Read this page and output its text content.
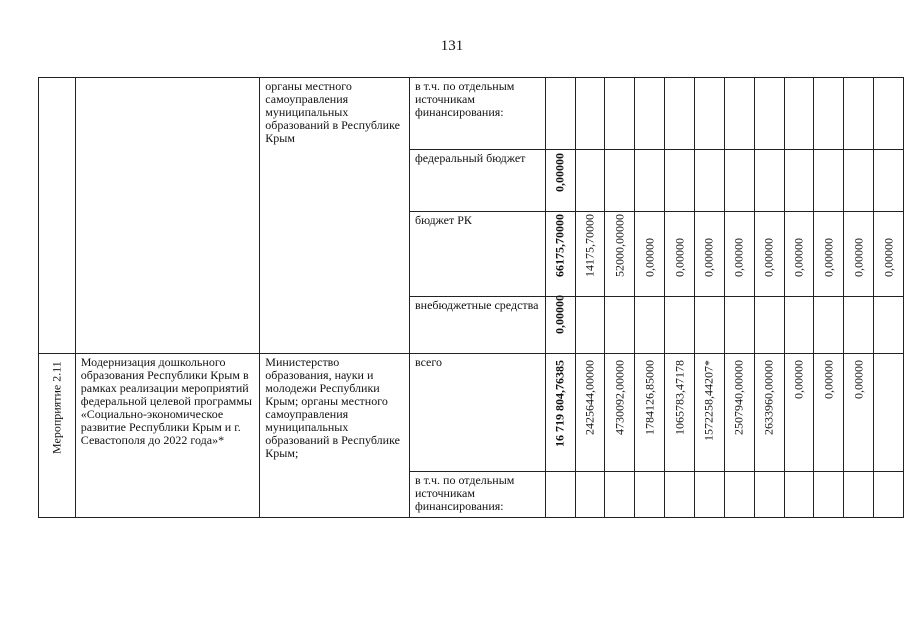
131

		органы местного самоуправления муниципальных образований в Республике Крым	в т.ч. по отдельным источникам финансирования:												

			федеральный бюджет	0,00000											

			бюджет РК	66175,70000	14175,70000	52000,00000	0,00000	0,00000	0,00000	0,00000	0,00000	0,00000	0,00000	0,00000	0,00000

			внебюджетные средства	0,00000											

Мероприятие 2.11	Модернизация дошкольного образования Республики Крым в рамках реализации мероприятий федеральной целевой программы «Социально-экономическое развитие Республики Крым и г. Севастополя до 2022 года»*	Министерство образования, науки и молодежи Республики Крым; органы местного самоуправления муниципальных образований в Республике Крым;	всего	16 719 804,76385	2425644,00000	4730092,00000	1784126,85000	1065783,47178	1572258,44207*	2507940,00000	2633960,00000	0,00000	0,00000	0,00000	

			в т.ч. по отдельным источникам финансирования:												
